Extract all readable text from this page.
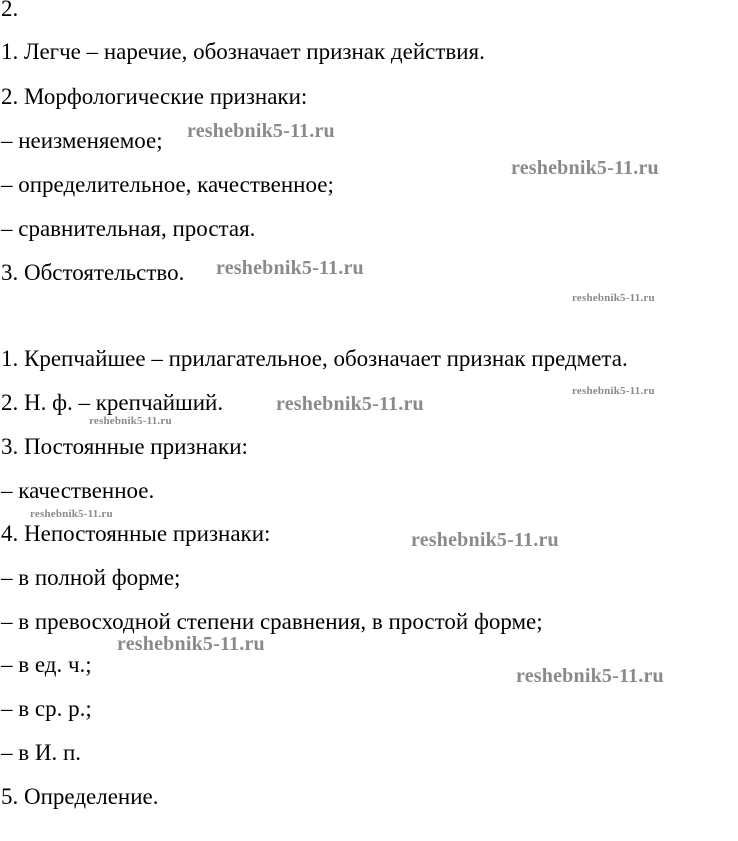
2.
1. Легче – наречие, обозначает признак действия.
2. Морфологические признаки:
– неизменяемое;
– определительное, качественное;
– сравнительная, простая.
3. Обстоятельство.
1. Крепчайшее – прилагательное, обозначает признак предмета.
2. Н. ф. – крепчайший.
3. Постоянные признаки:
– качественное.
4. Непостоянные признаки:
– в полной форме;
– в превосходной степени сравнения, в простой форме;
– в ед. ч.;
– в ср. р.;
– в И. п.
5. Определение.
reshebnik5-11.ru
reshebnik5-11.ru
reshebnik5-11.ru
reshebnik5-11.ru
reshebnik5-11.ru
reshebnik5-11.ru
reshebnik5-11.ru
reshebnik5-11.ru
reshebnik5-11.ru
reshebnik5-11.ru
reshebnik5-11.ru
